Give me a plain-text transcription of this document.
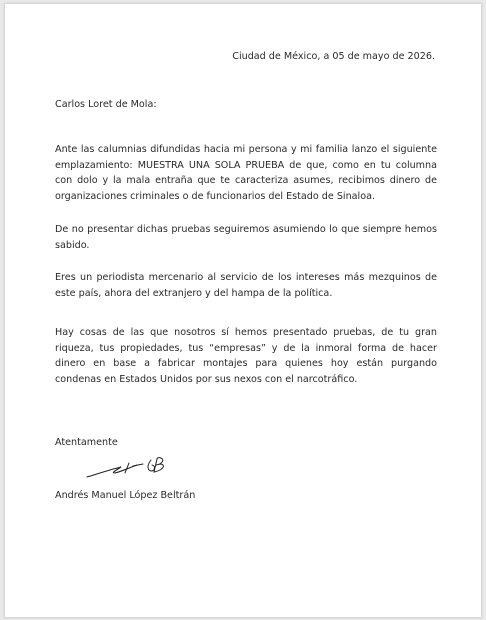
Ciudad de México, a 05 de mayo de 2026.
Carlos Loret de Mola:

Ante las calumnias difundidas hacia mi persona y mi familia lanzo el siguiente emplazamiento: MUESTRA UNA SOLA PRUEBA de que, como en tu columna con dolo y la mala entraña que te caracteriza asumes, recibimos dinero de organizaciones criminales o de funcionarios del Estado de Sinaloa.

De no presentar dichas pruebas seguiremos asumiendo lo que siempre hemos sabido.

Eres un periodista mercenario al servicio de los intereses más mezquinos de este país, ahora del extranjero y del hampa de la política.

Hay cosas de las que nosotros sí hemos presentado pruebas, de tu gran riqueza, tus propiedades, tus “empresas” y de la inmoral forma de hacer dinero en base a fabricar montajes para quienes hoy están purgando condenas en Estados Unidos por sus nexos con el narcotráfico.

Atentamente
Andrés Manuel López Beltrán
